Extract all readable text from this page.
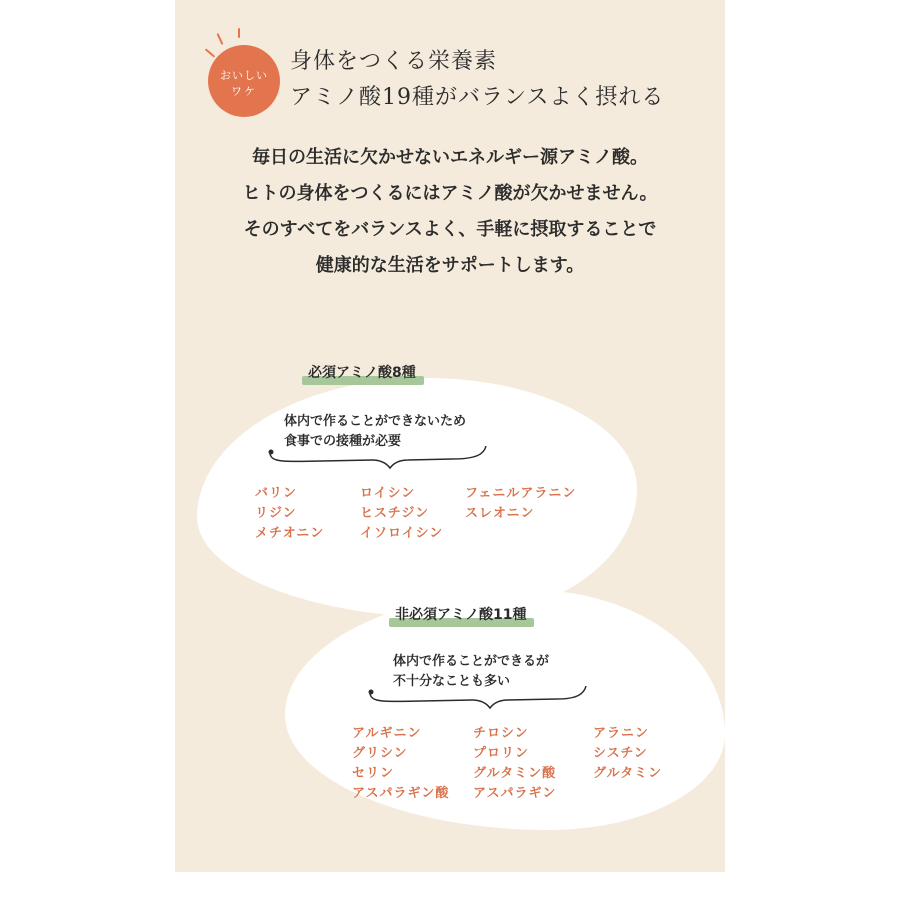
おいしい
ワケ
身体をつくる栄養素
アミノ酸19種がバランスよく摂れる
毎日の生活に欠かせないエネルギー源アミノ酸。
ヒトの身体をつくるにはアミノ酸が欠かせません。
そのすべてをバランスよく、手軽に摂取することで
健康的な生活をサポートします。
必須アミノ酸8種
体内で作ることができないため
食事での接種が必要
バリン	ロイシン	フェニルアラニン
リジン	ヒスチジン	スレオニン
メチオニン	イソロイシン
非必須アミノ酸11種
体内で作ることができるが
不十分なことも多い
アルギニン	チロシン	アラニン
グリシン	プロリン	シスチン
セリン	グルタミン酸	グルタミン
アスパラギン酸 アスパラギン
